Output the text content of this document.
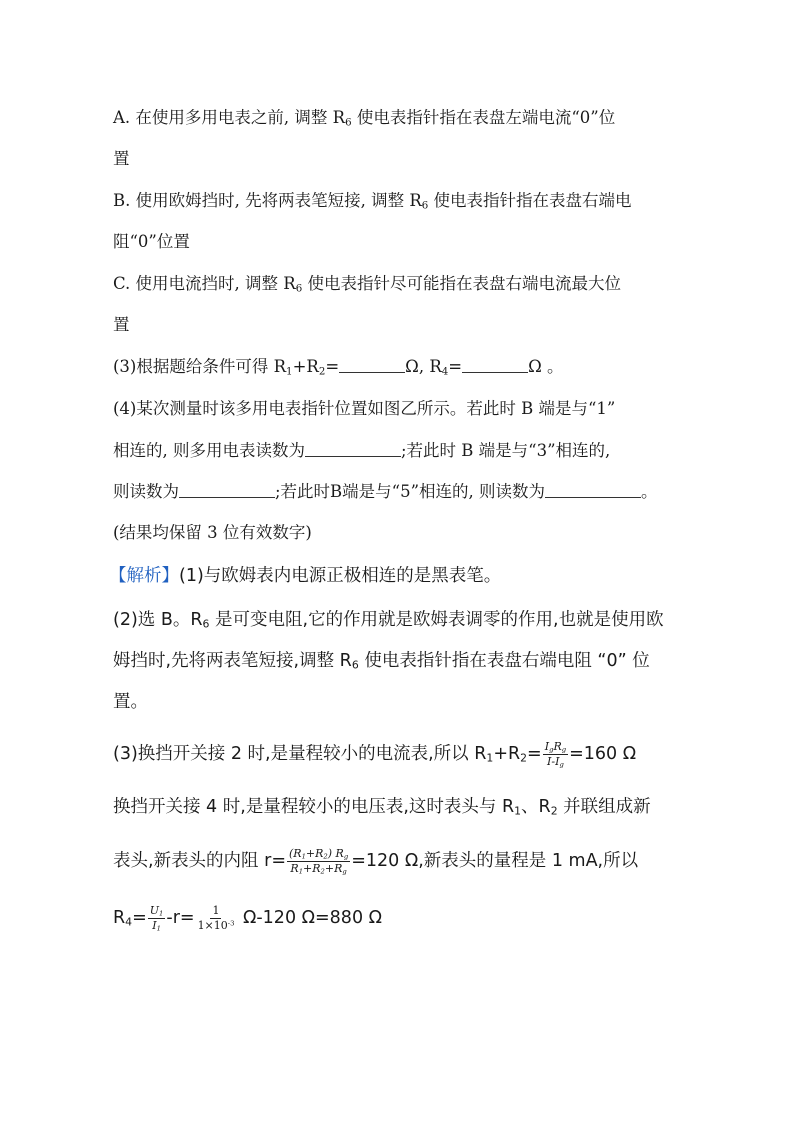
A. 在使用多用电表之前, 调整 $R_6$ 使电表指针指在表盘左端电流“0”位
置
B. 使用欧姆挡时, 先将两表笔短接, 调整 $R_6$ 使电表指针指在表盘右端电
阻“0”位置
C. 使用电流挡时, 调整 $R_6$ 使电表指针尽可能指在表盘右端电流最大位
置
(3)根据题给条件可得 $R_1+R_2=$	Ω, $R_4=$	Ω 。
(4)某次测量时该多用电表指针位置如图乙所示。若此时 B 端是与“1”
相连的, 则多用电表读数为	;若此时 B 端是与“3”相连的,
则读数为	;若此时B端是与“5”相连的, 则读数为	。
(结果均保留 3 位有效数字)
【解析】(1)与欧姆表内电源正极相连的是黑表笔。
(2)选 B。$R_6$ 是可变电阻,它的作用就是欧姆表调零的作用,也就是使用欧
姆挡时,先将两表笔短接,调整 $R_6$ 使电表指针指在表盘右端电阻 “0” 位
置。
(3)换挡开关接 2 时,是量程较小的电流表,所以 $R_1+R_2= \frac{I_gR_g}{I-I_g} =160$ Ω
换挡开关接 4 时,是量程较小的电压表,这时表头与 $R_1$、$R_2$ 并联组成新
表头,新表头的内阻 $r= \frac{(R_1+R_2) R_g}{R_1+R_2+R_g} =120$ Ω,新表头的量程是 1 mA,所以
$R_4= \frac{U_1}{I_1} -r= \frac{1}{1\times 10^{-3}} \Omega-120$ Ω=880 Ω
